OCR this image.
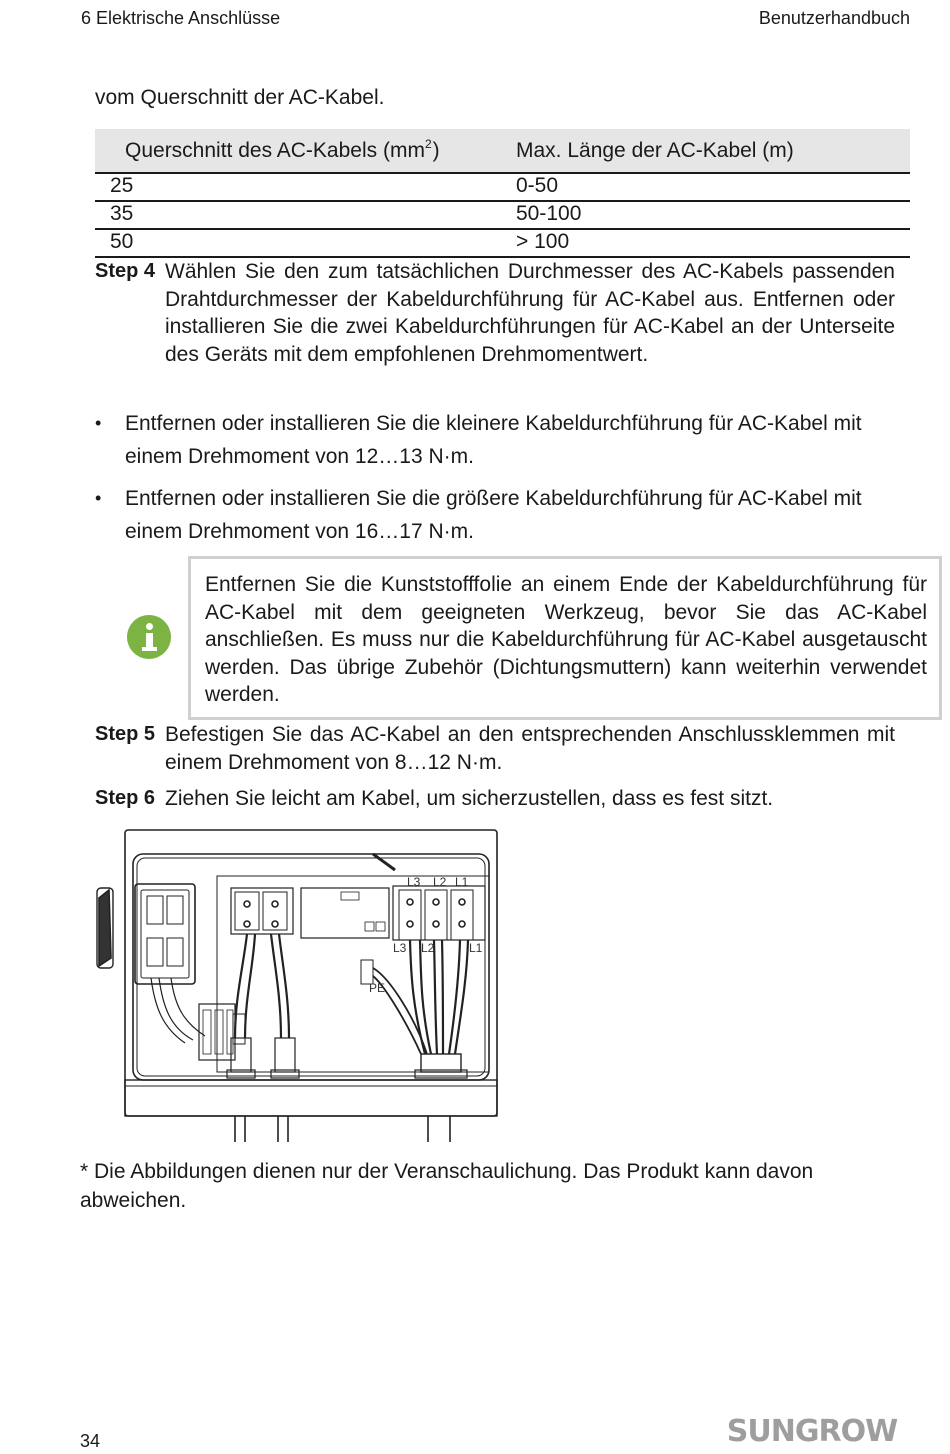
6 Elektrische Anschlüsse	Benutzerhandbuch
vom Querschnitt der AC-Kabel.
Querschnitt des AC-Kabels $(mm^2)$	Max. Länge der AC-Kabel (m)
25	0-50
35	50-100
50	> 100
Step 4 Wählen Sie den zum tatsächlichen Durchmesser des AC-Kabels passenden Drahtdurchmesser der Kabeldurchführung für AC-Kabel aus. Entfernen oder installieren Sie die zwei Kabeldurchführungen für AC-Kabel an der Unterseite des Geräts mit dem empfohlenen Drehmomentwert.
•	Entfernen oder installieren Sie die kleinere Kabeldurchführung für AC-Kabel mit einem Drehmoment von 12…13 N·m.
•	Entfernen oder installieren Sie die größere Kabeldurchführung für AC-Kabel mit einem Drehmoment von 16…17 N·m.
Entfernen Sie die Kunststofffolie an einem Ende der Kabeldurchführung für AC-Kabel mit dem geeigneten Werkzeug, bevor Sie das AC-Kabel anschließen. Es muss nur die Kabeldurchführung für AC-Kabel ausgetauscht werden. Das übrige Zubehör (Dichtungsmuttern) kann weiterhin verwendet werden.
Step 5 Befestigen Sie das AC-Kabel an den entsprechenden Anschlussklemmen mit einem Drehmoment von 8…12 N·m.
Step 6 Ziehen Sie leicht am Kabel, um sicherzustellen, dass es fest sitzt.
L3 L2 L1
L3 L2	L1
PE
* Die Abbildungen dienen nur der Veranschaulichung. Das Produkt kann davon abweichen.
34	SUNGROW
